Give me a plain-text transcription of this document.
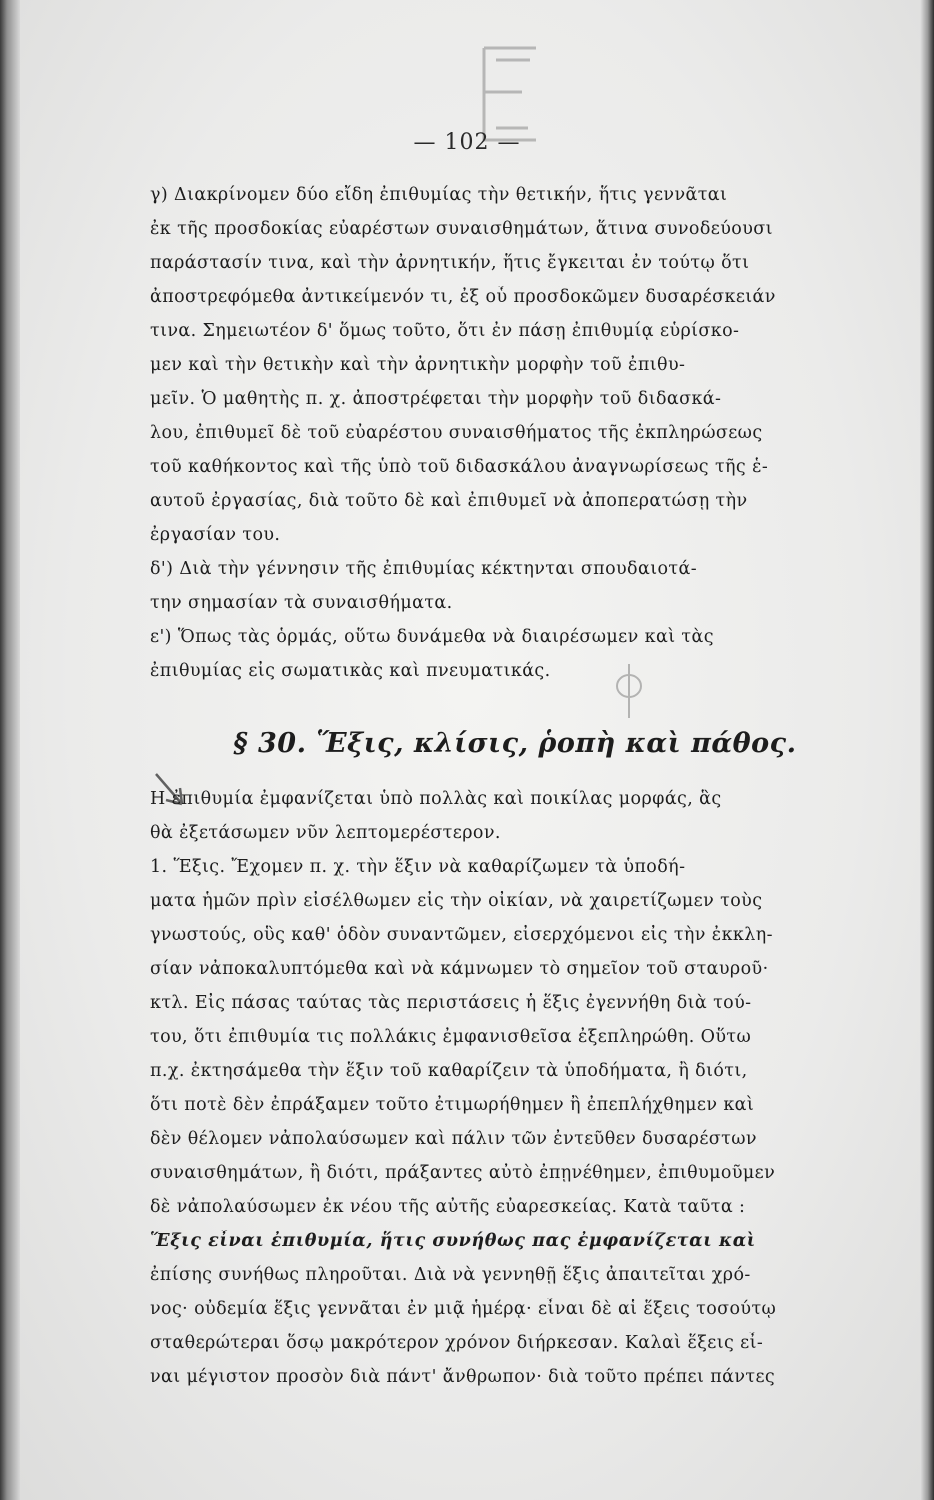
— 102 —
γ) Διακρίνομεν δύο εἴδη ἐπιθυμίας τὴν θετικήν, ἥτις γεννᾶται
ἐκ τῆς προσδοκίας εὐαρέστων συναισθημάτων, ἅτινα συνοδεύουσι
παράστασίν τινα, καὶ τὴν ἀρνητικήν, ἥτις ἔγκειται ἐν τούτῳ ὅτι
ἀποστρεφόμεθα ἀντικείμενόν τι, ἐξ οὗ προσδοκῶμεν δυσαρέσκειάν
τινα. Σημειωτέον δ' ὅμως τοῦτο, ὅτι ἐν πάσῃ ἐπιθυμίᾳ εὑρίσκο-
μεν καὶ τὴν θετικὴν καὶ τὴν ἀρνητικὴν μορφὴν τοῦ ἐπιθυ-
μεῖν. Ὁ μαθητὴς π. χ. ἀποστρέφεται τὴν μορφὴν τοῦ διδασκά-
λου, ἐπιθυμεῖ δὲ τοῦ εὐαρέστου συναισθήματος τῆς ἐκπληρώσεως
τοῦ καθήκοντος καὶ τῆς ὑπὸ τοῦ διδασκάλου ἀναγνωρίσεως τῆς ἑ-
αυτοῦ ἐργασίας, διὰ τοῦτο δὲ καὶ ἐπιθυμεῖ νὰ ἀποπερατώσῃ τὴν
ἐργασίαν του.
δ') Διὰ τὴν γέννησιν τῆς ἐπιθυμίας κέκτηνται σπουδαιοτά-
την σημασίαν τὰ συναισθήματα.
ε') Ὅπως τὰς ὁρμάς, οὕτω δυνάμεθα νὰ διαιρέσωμεν καὶ τὰς
ἐπιθυμίας εἰς σωματικὰς καὶ πνευματικάς.
§ 30. Ἕξις, κλίσις, ῥοπὴ καὶ πάθος.
Η ἐπιθυμία ἐμφανίζεται ὑπὸ πολλὰς καὶ ποικίλας μορφάς, ἃς
θὰ ἐξετάσωμεν νῦν λεπτομερέστερον.
1. Ἕξις. Ἔχομεν π. χ. τὴν ἕξιν νὰ καθαρίζωμεν τὰ ὑποδή-
ματα ἡμῶν πρὶν εἰσέλθωμεν εἰς τὴν οἰκίαν, νὰ χαιρετίζωμεν τοὺς
γνωστούς, οὓς καθ' ὁδὸν συναντῶμεν, εἰσερχόμενοι εἰς τὴν ἐκκλη-
σίαν νἀποκαλυπτόμεθα καὶ νὰ κάμνωμεν τὸ σημεῖον τοῦ σταυροῦ·
κτλ. Εἰς πάσας ταύτας τὰς περιστάσεις ἡ ἕξις ἐγεννήθη διὰ τού-
του, ὅτι ἐπιθυμία τις πολλάκις ἐμφανισθεῖσα ἐξεπληρώθη. Οὕτω
π.χ. ἐκτησάμεθα τὴν ἕξιν τοῦ καθαρίζειν τὰ ὑποδήματα, ἢ διότι,
ὅτι ποτὲ δὲν ἐπράξαμεν τοῦτο ἐτιμωρήθημεν ἢ ἐπεπλήχθημεν καὶ
δὲν θέλομεν νἀπολαύσωμεν καὶ πάλιν τῶν ἐντεῦθεν δυσαρέστων
συναισθημάτων, ἢ διότι, πράξαντες αὐτὸ ἐπῃνέθημεν, ἐπιθυμοῦμεν
δὲ νἀπολαύσωμεν ἐκ νέου τῆς αὐτῆς εὐαρεσκείας. Κατὰ ταῦτα :
Ἕξις εἶναι ἐπιθυμία, ἥτις συνήθως πας ἐμφανίζεται καὶ
ἐπίσης συνήθως πληροῦται. Διὰ νὰ γεννηθῇ ἕξις ἀπαιτεῖται χρό-
νος· οὐδεμία ἕξις γεννᾶται ἐν μιᾷ ἡμέρᾳ· εἶναι δὲ αἱ ἕξεις τοσούτῳ
σταθερώτεραι ὅσῳ μακρότερον χρόνον διήρκεσαν. Καλαὶ ἕξεις εἶ-
ναι μέγιστον προσὸν διὰ πάντ' ἄνθρωπον· διὰ τοῦτο πρέπει πάντες
